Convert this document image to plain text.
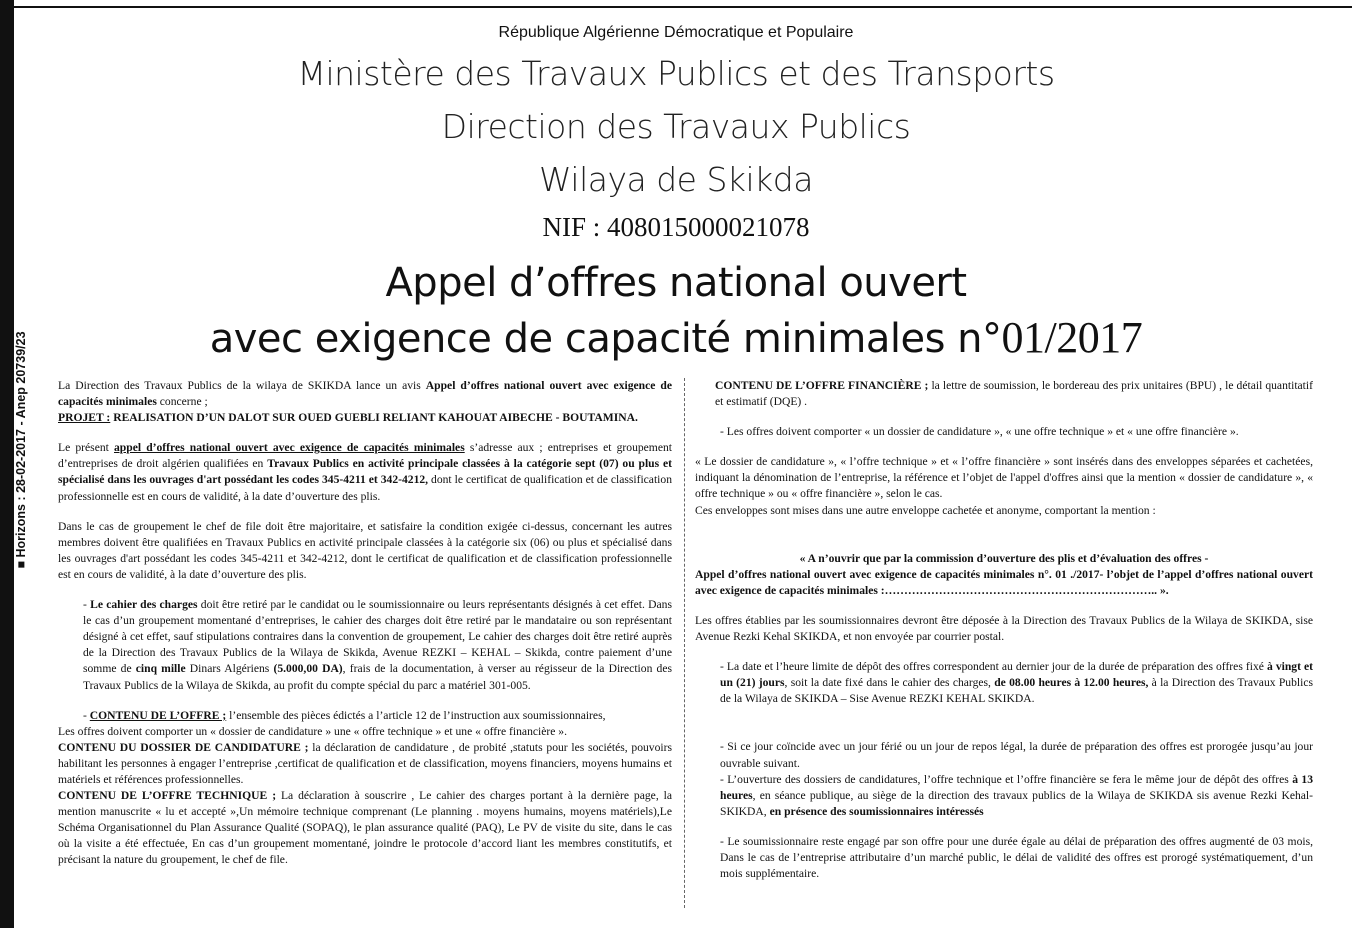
■ Horizons : 28-02-2017 - Anep 20739/23
République Algérienne Démocratique et Populaire
Ministère des Travaux Publics et des Transports
Direction des Travaux Publics
Wilaya de Skikda
NIF : 408015000021078
Appel d’offres national ouvert
avec exigence de capacité minimales n°01/2017

La Direction des Travaux Publics de la wilaya de SKIKDA lance un avis Appel d’offres national ouvert avec exigence de capacités minimales concerne ;

PROJET : REALISATION D’UN DALOT SUR OUED GUEBLI RELIANT KAHOUAT AIBECHE - BOUTAMINA.

Le présent appel d’offres national ouvert avec exigence de capacités minimales s’adresse aux ; entreprises et groupement d’entreprises de droit algérien qualifiées en Travaux Publics en activité principale classées à la catégorie sept (07) ou plus et spécialisé dans les ouvrages d'art possédant les codes 345-4211 et 342-4212, dont le certificat de qualification et de classification professionnelle est en cours de validité, à la date d’ouverture des plis.

Dans le cas de groupement le chef de file doit être majoritaire, et satisfaire la condition exigée ci-dessus, concernant les autres membres doivent être qualifiées en Travaux Publics en activité principale classées à la catégorie six (06) ou plus et spécialisé dans les ouvrages d'art possédant les codes 345-4211 et 342-4212, dont le certificat de qualification et de classification professionnelle est en cours de validité, à la date d’ouverture des plis.

- Le cahier des charges doit être retiré par le candidat ou le soumissionnaire ou leurs représentants désignés à cet effet. Dans le cas d’un groupement momentané d’entreprises, le cahier des charges doit être retiré par le mandataire ou son représentant désigné à cet effet, sauf stipulations contraires dans la convention de groupement, Le cahier des charges doit être retiré auprès de la Direction des Travaux Publics de la Wilaya de Skikda, Avenue REZKI – KEHAL – Skikda, contre paiement d’une somme de cinq mille Dinars Algériens (5.000,00 DA), frais de la documentation, à verser au régisseur de la Direction des Travaux Publics de la Wilaya de Skikda, au profit du compte spécial du parc a matériel 301-005.

- CONTENU DE L’OFFRE ; l’ensemble des pièces édictés a l’article 12 de l’instruction aux soumissionnaires,

Les offres doivent comporter un « dossier de candidature » une « offre technique » et une « offre financière ».

CONTENU DU DOSSIER DE CANDIDATURE ; la déclaration de candidature , de probité ,statuts pour les sociétés, pouvoirs habilitant les personnes à engager l’entreprise ,certificat de qualification et de classification, moyens financiers, moyens humains et matériels et références professionnelles.

CONTENU DE L’OFFRE TECHNIQUE ; La déclaration à souscrire , Le cahier des charges portant à la dernière page, la mention manuscrite « lu et accepté »,Un mémoire technique comprenant (Le planning . moyens humains, moyens matériels),Le Schéma Organisationnel du Plan Assurance Qualité (SOPAQ), le plan assurance qualité (PAQ), Le PV de visite du site, dans le cas où la visite a été effectuée, En cas d’un groupement momentané, joindre le protocole d’accord liant les membres constitutifs, et précisant la nature du groupement, le chef de file.

CONTENU DE L’OFFRE FINANCIÈRE ; la lettre de soumission, le bordereau des prix unitaires (BPU) , le détail quantitatif et estimatif (DQE) .

- Les offres doivent comporter « un dossier de candidature », « une offre technique » et « une offre financière ».

« Le dossier de candidature », « l’offre technique » et « l’offre financière » sont insérés dans des enveloppes séparées et cachetées, indiquant la dénomination de l’entreprise, la référence et l’objet de l'appel d'offres ainsi que la mention « dossier de candidature », « offre technique » ou « offre financière », selon le cas.

Ces enveloppes sont mises dans une autre enveloppe cachetée et anonyme, comportant la mention :

« A n’ouvrir que par la commission d’ouverture des plis et d’évaluation des offres -

Appel d’offres national ouvert avec exigence de capacités minimales n°. 01 ./2017- l’objet de l’appel d’offres national ouvert avec exigence de capacités minimales :…………………………………………………………….. ».

Les offres établies par les soumissionnaires devront être déposée à la Direction des Travaux Publics de la Wilaya de SKIKDA, sise Avenue Rezki Kehal SKIKDA, et non envoyée par courrier postal.

- La date et l’heure limite de dépôt des offres correspondent au dernier jour de la durée de préparation des offres fixé à vingt et un (21) jours, soit la date fixé dans le cahier des charges, de 08.00 heures à 12.00 heures, à la Direction des Travaux Publics de la Wilaya de SKIKDA – Sise Avenue REZKI KEHAL SKIKDA.

- Si ce jour coïncide avec un jour férié ou un jour de repos légal, la durée de préparation des offres est prorogée jusqu’au jour ouvrable suivant.

- L’ouverture des dossiers de candidatures, l’offre technique et l’offre financière se fera le même jour de dépôt des offres à 13 heures, en séance publique, au siège de la direction des travaux publics de la Wilaya de SKIKDA sis avenue Rezki Kehal- SKIKDA, en présence des soumissionnaires intéressés

- Le soumissionnaire reste engagé par son offre pour une durée égale au délai de préparation des offres augmenté de 03 mois, Dans le cas de l’entreprise attributaire d’un marché public, le délai de validité des offres est prorogé systématiquement, d’un mois supplémentaire.
